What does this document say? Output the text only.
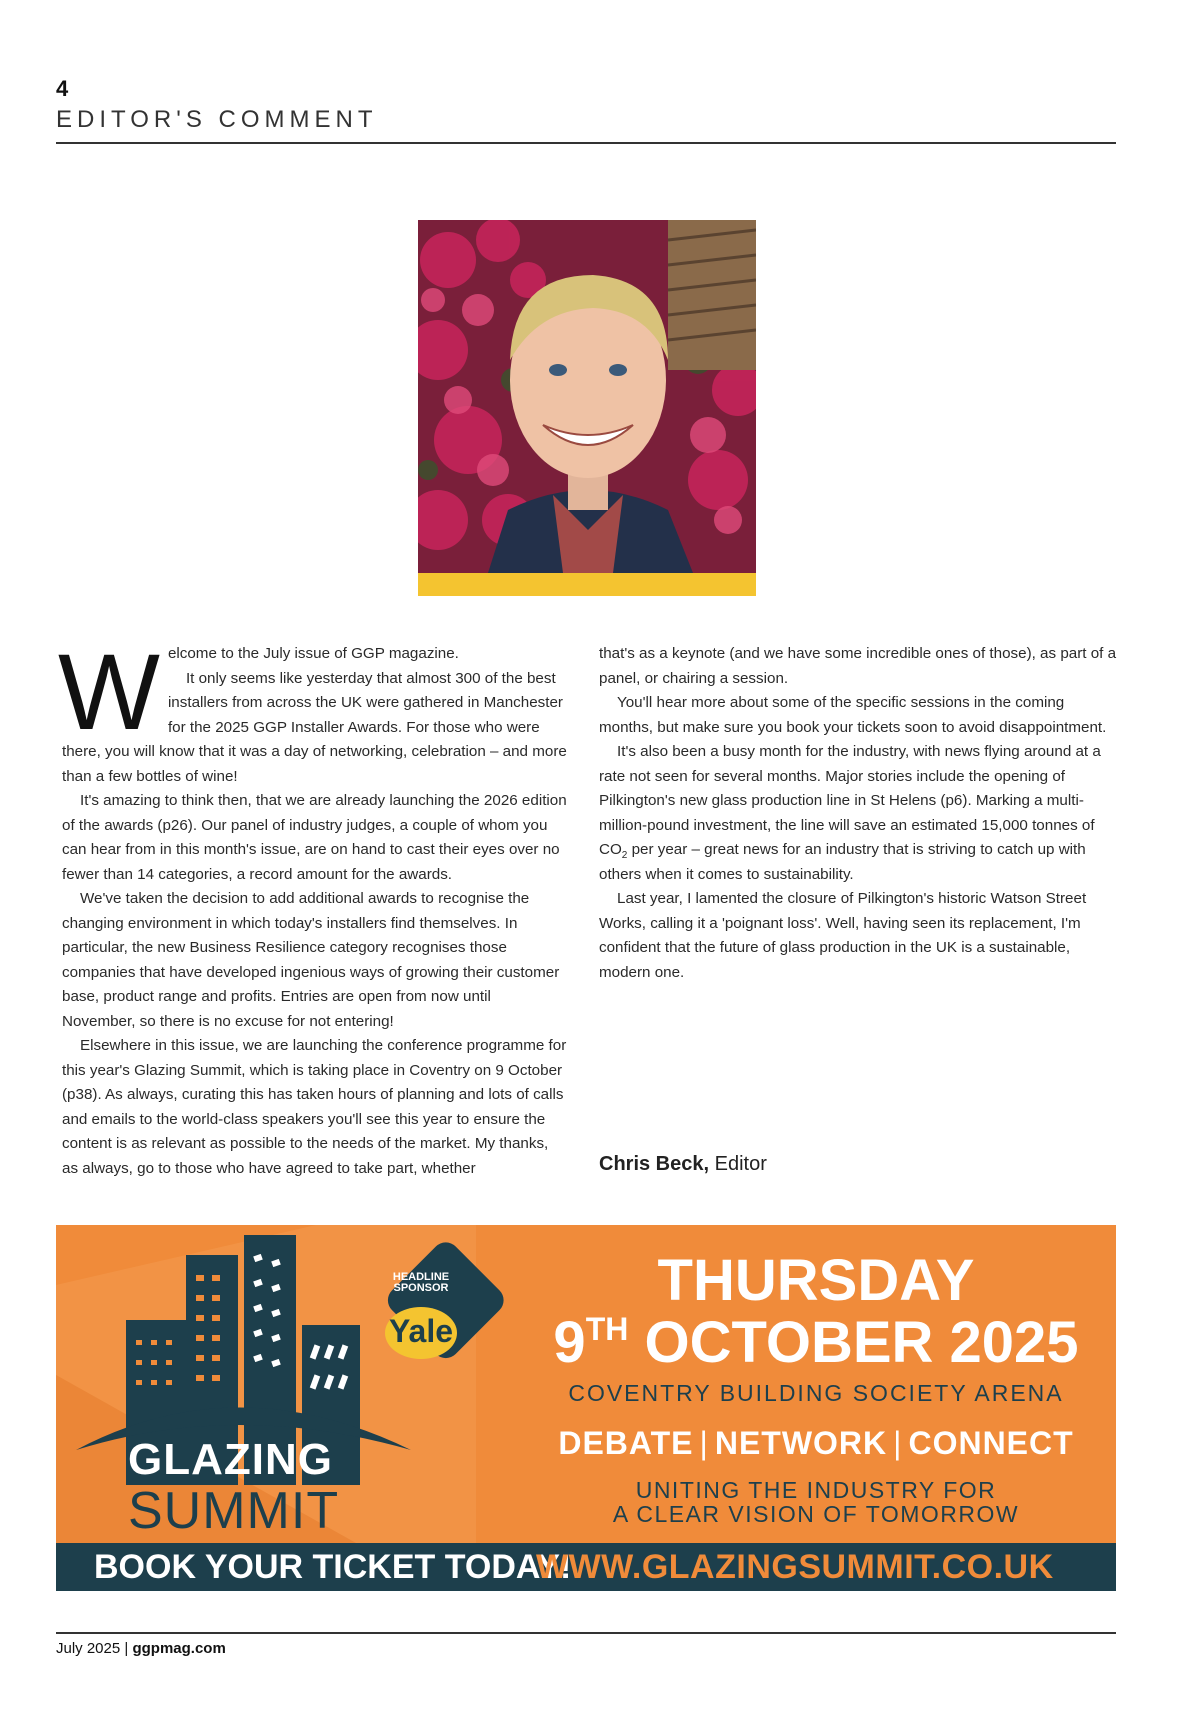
4
EDITOR'S COMMENT

Welcome to the July issue of GGP magazine.
It only seems like yesterday that almost 300 of the best installers from across the UK were gathered in Manchester for the 2025 GGP Installer Awards. For those who were there, you will know that it was a day of networking, celebration – and more than a few bottles of wine!

It's amazing to think then, that we are already launching the 2026 edition of the awards (p26). Our panel of industry judges, a couple of whom you can hear from in this month's issue, are on hand to cast their eyes over no fewer than 14 categories, a record amount for the awards.

We've taken the decision to add additional awards to recognise the changing environment in which today's installers find themselves. In particular, the new Business Resilience category recognises those companies that have developed ingenious ways of growing their customer base, product range and profits. Entries are open from now until November, so there is no excuse for not entering!

Elsewhere in this issue, we are launching the conference programme for this year's Glazing Summit, which is taking place in Coventry on 9 October (p38). As always, curating this has taken hours of planning and lots of calls and emails to the world-class speakers you'll see this year to ensure the content is as relevant as possible to the needs of the market. My thanks, as always, go to those who have agreed to take part, whether

that's as a keynote (and we have some incredible ones of those), as part of a panel, or chairing a session.

You'll hear more about some of the specific sessions in the coming months, but make sure you book your tickets soon to avoid disappointment.

It's also been a busy month for the industry, with news flying around at a rate not seen for several months. Major stories include the opening of Pilkington's new glass production line in St Helens (p6). Marking a multi-million-pound investment, the line will save an estimated 15,000 tonnes of $CO_2$ per year – great news for an industry that is striving to catch up with others when it comes to sustainability.

Last year, I lamented the closure of Pilkington's historic Watson Street Works, calling it a 'poignant loss'. Well, having seen its replacement, I'm confident that the future of glass production in the UK is a sustainable, modern one.

Chris Beck, Editor
GLAZING
SUMMIT
HEADLINE
SPONSOR
Yale
THURSDAY
9TH OCTOBER 2025
COVENTRY BUILDING SOCIETY ARENA
DEBATE | NETWORK | CONNECT
UNITING THE INDUSTRY FOR
A CLEAR VISION OF TOMORROW
BOOK YOUR TICKET TODAY!
WWW.GLAZINGSUMMIT.CO.UK
July 2025 | ggpmag.com
